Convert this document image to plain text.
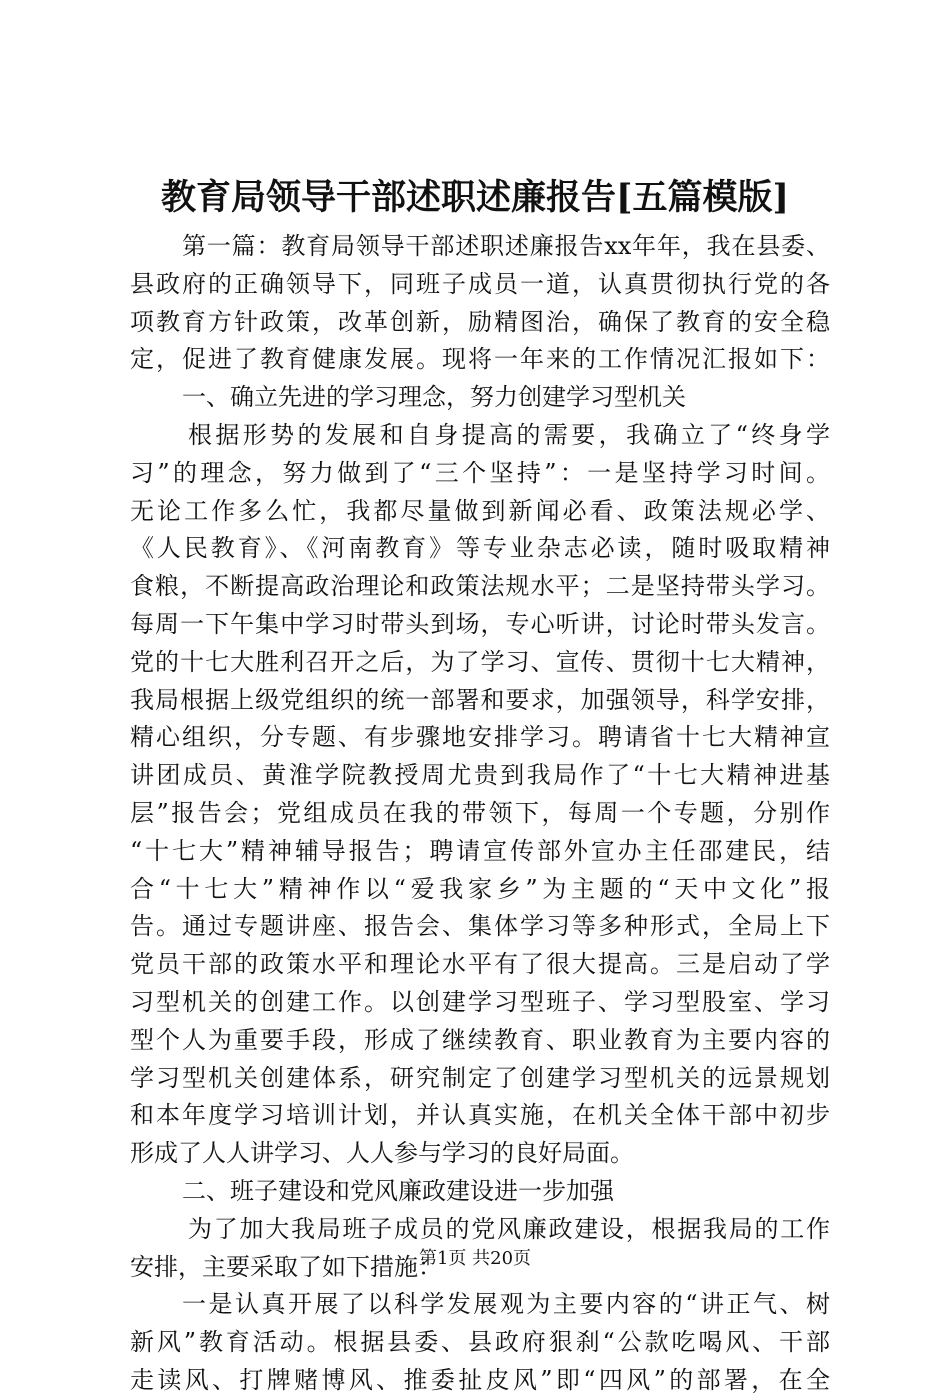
教育局领导干部述职述廉报告[五篇模版]
第一篇：教育局领导干部述职述廉报告xx年年，我在县委、
县政府的正确领导下，同班子成员一道，认真贯彻执行党的各
项教育方针政策，改革创新，励精图治，确保了教育的安全稳
定，促进了教育健康发展。现将一年来的工作情况汇报如下：
一、确立先进的学习理念，努力创建学习型机关
根据形势的发展和自身提高的需要，我确立了“终身学
习”的理念，努力做到了“三个坚持”：一是坚持学习时间。
无论工作多么忙，我都尽量做到新闻必看、政策法规必学、
《人民教育》、《河南教育》等专业杂志必读，随时吸取精神
食粮，不断提高政治理论和政策法规水平；二是坚持带头学习。
每周一下午集中学习时带头到场，专心听讲，讨论时带头发言。
党的十七大胜利召开之后，为了学习、宣传、贯彻十七大精神，
我局根据上级党组织的统一部署和要求，加强领导，科学安排，
精心组织，分专题、有步骤地安排学习。聘请省十七大精神宣
讲团成员、黄淮学院教授周尤贵到我局作了“十七大精神进基
层”报告会；党组成员在我的带领下，每周一个专题，分别作
“十七大”精神辅导报告；聘请宣传部外宣办主任邵建民，结
合“十七大”精神作以“爱我家乡”为主题的“天中文化”报
告。通过专题讲座、报告会、集体学习等多种形式，全局上下
党员干部的政策水平和理论水平有了很大提高。三是启动了学
习型机关的创建工作。以创建学习型班子、学习型股室、学习
型个人为重要手段，形成了继续教育、职业教育为主要内容的
学习型机关创建体系，研究制定了创建学习型机关的远景规划
和本年度学习培训计划，并认真实施，在机关全体干部中初步
形成了人人讲学习、人人参与学习的良好局面。
二、班子建设和党风廉政建设进一步加强
为了加大我局班子成员的党风廉政建设，根据我局的工作
安排，主要采取了如下措施：
一是认真开展了以科学发展观为主要内容的“讲正气、树
新风”教育活动。根据县委、县政府狠刹“公款吃喝风、干部
走读风、打牌赌博风、推委扯皮风”即“四风”的部署，在全
第1页 共20页
